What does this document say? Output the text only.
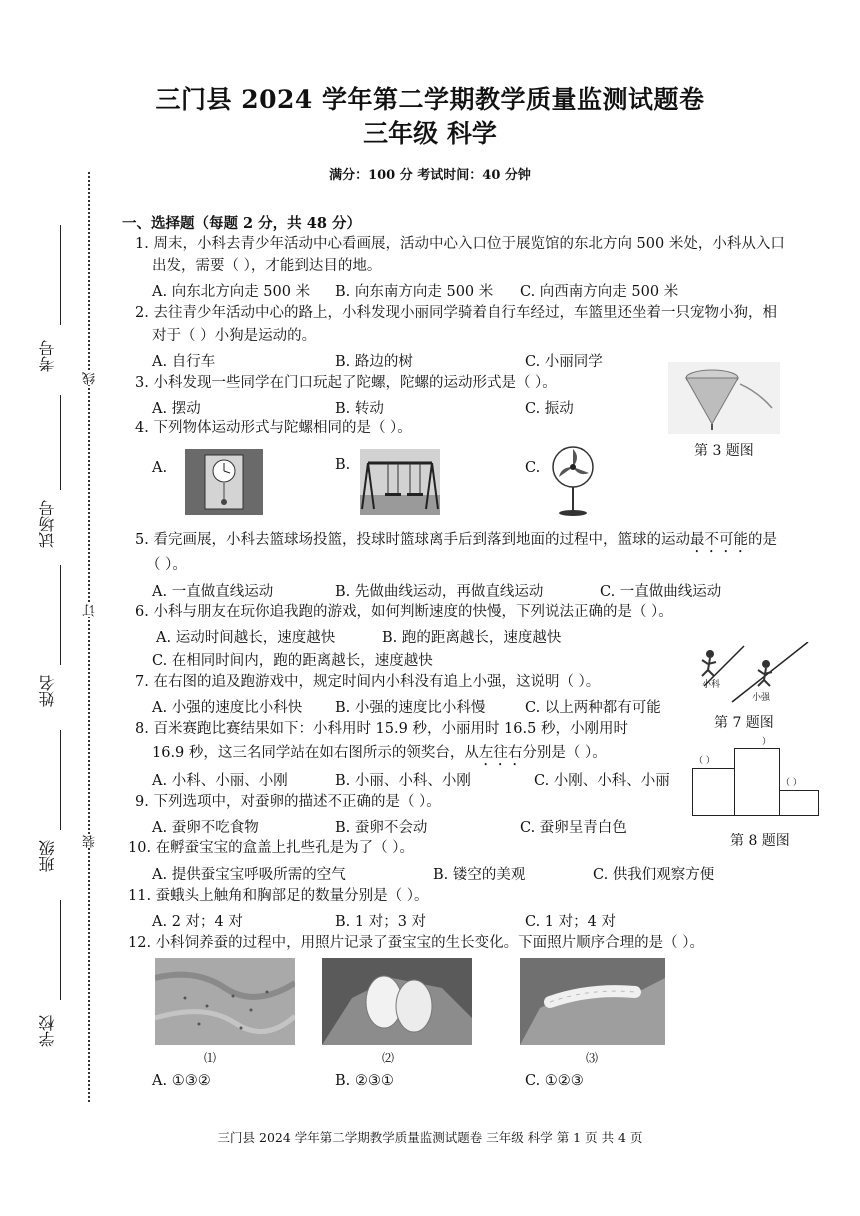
考号
试场号
姓名
班级
学校
线
订
装
三门县 2024 学年第二学期教学质量监测试题卷
三年级 科学
满分：100 分 考试时间：40 分钟
一、选择题（每题 2 分，共 48 分）
1. 周末，小科去青少年活动中心看画展，活动中心入口位于展览馆的东北方向 500 米处，小科从入口
出发，需要（ ），才能到达目的地。
A. 向东北方向走 500 米 B. 向东南方向走 500 米 C. 向西南方向走 500 米
2. 去往青少年活动中心的路上，小科发现小丽同学骑着自行车经过，车篮里还坐着一只宠物小狗，相
对于（ ）小狗是运动的。
A. 自行车	B. 路边的树	C. 小丽同学
3. 小科发现一些同学在门口玩起了陀螺，陀螺的运动形式是（ ）。
A. 摆动	B. 转动	C. 振动
第 3 题图
4. 下列物体运动形式与陀螺相同的是（ ）。
A.	B.	C.
5. 看完画展，小科去篮球场投篮，投球时篮球离手后到落到地面的过程中，篮球的运动最不可能的是
（ ）。
A. 一直做直线运动	B. 先做曲线运动，再做直线运动	C. 一直做曲线运动
6. 小科与朋友在玩你追我跑的游戏，如何判断速度的快慢，下列说法正确的是（ ）。
A. 运动时间越长，速度越快	B. 跑的距离越长，速度越快
C. 在相同时间内，跑的距离越长，速度越快
小科
小强
第 7 题图
7. 在右图的追及跑游戏中，规定时间内小科没有追上小强，这说明（ ）。
A. 小强的速度比小科快 B. 小强的速度比小科慢	C. 以上两种都有可能
8. 百米赛跑比赛结果如下：小科用时 15.9 秒，小丽用时 16.5 秒，小刚用时
16.9 秒，这三名同学站在如右图所示的领奖台，从左往右分别是（ ）。
A. 小科、小丽、小刚	B. 小丽、小科、小刚	C. 小刚、小科、小丽
（ ）
）
（ ）
第 8 题图
9. 下列选项中，对蚕卵的描述不正确的是（ ）。
A. 蚕卵不吃食物	B. 蚕卵不会动	C. 蚕卵呈青白色
10. 在孵蚕宝宝的盒盖上扎些孔是为了（ ）。
A. 提供蚕宝宝呼吸所需的空气	B. 镂空的美观	C. 供我们观察方便
11. 蚕蛾头上触角和胸部足的数量分别是（ ）。
A. 2 对；4 对	B. 1 对；3 对	C. 1 对；4 对
12. 小科饲养蚕的过程中，用照片记录了蚕宝宝的生长变化。下面照片顺序合理的是（ ）。
⑴	⑵	⑶
A. ①③②	B. ②③①	C. ①②③
三门县 2024 学年第二学期教学质量监测试题卷 三年级 科学 第 1 页 共 4 页
